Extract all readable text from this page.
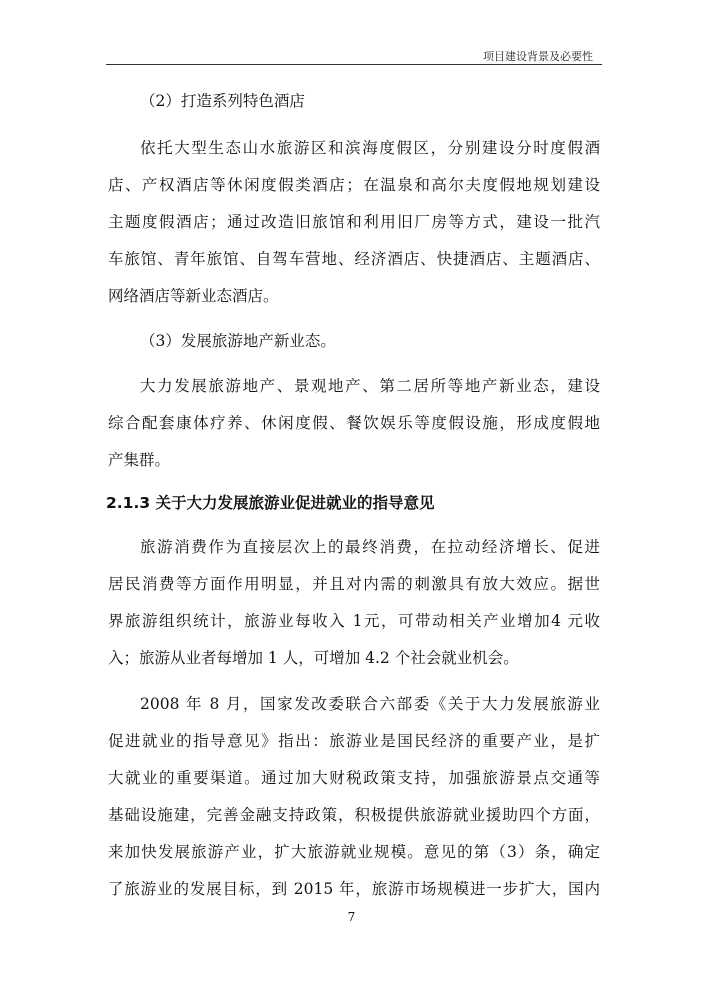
项目建设背景及必要性
（2）打造系列特色酒店
依托大型生态山水旅游区和滨海度假区，分别建设分时度假酒
店、产权酒店等休闲度假类酒店；在温泉和高尔夫度假地规划建设
主题度假酒店；通过改造旧旅馆和利用旧厂房等方式，建设一批汽
车旅馆、青年旅馆、自驾车营地、经济酒店、快捷酒店、主题酒店、
网络酒店等新业态酒店。
（3）发展旅游地产新业态。
大力发展旅游地产、景观地产、第二居所等地产新业态，建设
综合配套康体疗养、休闲度假、餐饮娱乐等度假设施，形成度假地
产集群。
2.1.3 关于大力发展旅游业促进就业的指导意见
旅游消费作为直接层次上的最终消费，在拉动经济增长、促进
居民消费等方面作用明显，并且对内需的刺激具有放大效应。据世
界旅游组织统计，旅游业每收入 1元，可带动相关产业增加4 元收
入；旅游从业者每增加 1 人，可增加 4.2 个社会就业机会。
2008 年 8 月，国家发改委联合六部委《关于大力发展旅游业
促进就业的指导意见》指出：旅游业是国民经济的重要产业，是扩
大就业的重要渠道。通过加大财税政策支持，加强旅游景点交通等
基础设施建，完善金融支持政策，积极提供旅游就业援助四个方面，
来加快发展旅游产业，扩大旅游就业规模。意见的第（3）条，确定
了旅游业的发展目标，到 2015 年，旅游市场规模进一步扩大，国内
7
